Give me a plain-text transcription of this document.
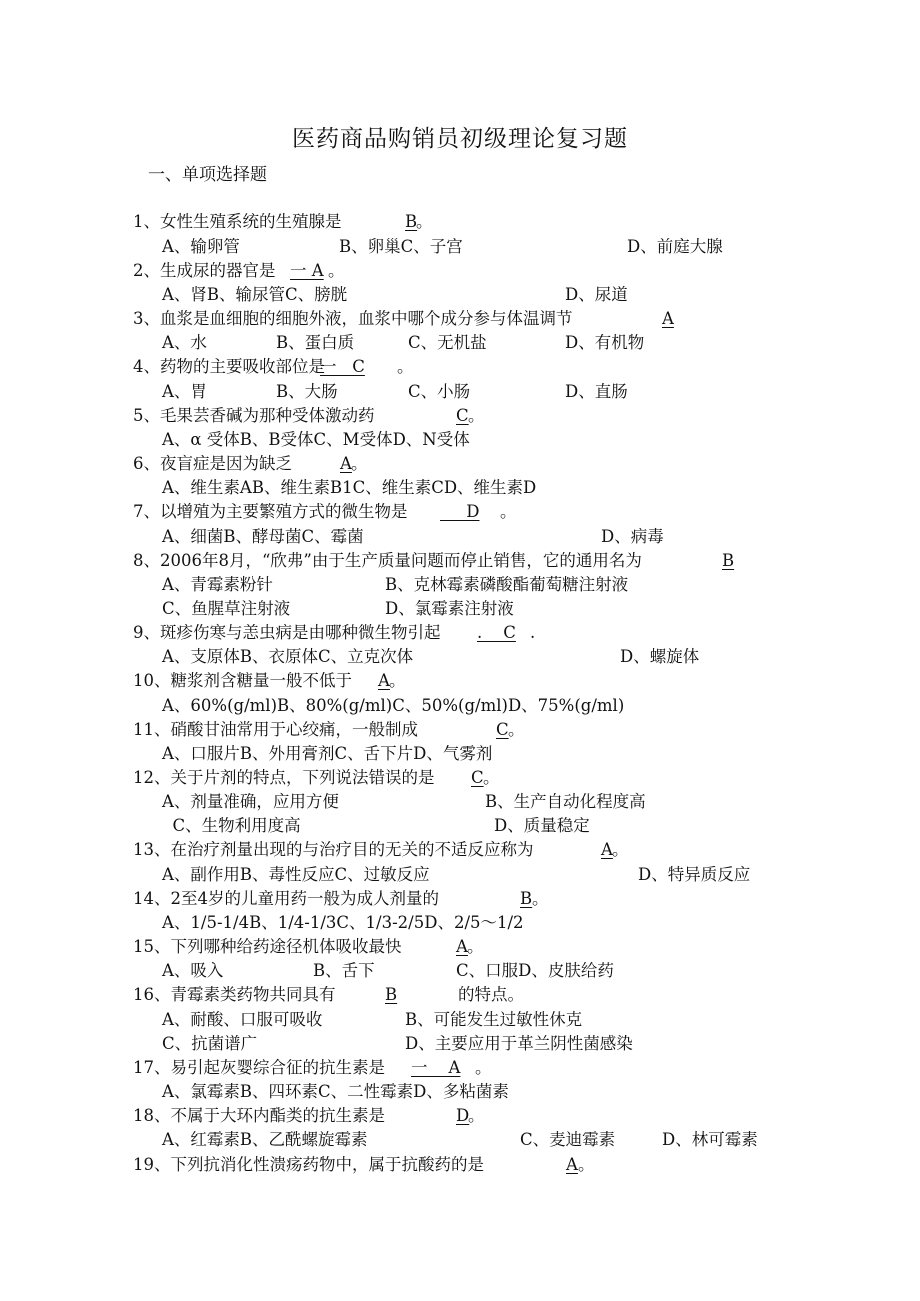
医药商品购销员初级理论复习题
一、单项选择题
1、女性生殖系统的生殖腺是	B
。
A、输卵管	B、卵巢C、子宫	D、前庭大腺
2、生成尿的器官是 一 A 。
A、肾B、输尿管C、膀胱	D、尿道
3、血浆是血细胞的细胞外液，血浆中哪个成分参与体温调节	A
A、水	B、蛋白质	C、无机盐	D、有机物
4、药物的主要吸收部位是
一   C 。
A、胃	B、大肠	C、小肠	D、直肠
5、毛果芸香碱为那种受体激动药	C 。
A、α 受体B、B受体C、M受体D、N受体
6、夜盲症是因为缺乏	A 。
A、维生素AB、维生素B1C、维生素CD、维生素D
7、以增殖为主要繁殖方式的微生物是 D 。
A、细菌B、酵母菌C、霉菌	D、病毒
8、2006年8月，“欣弗”由于生产质量问题而停止销售，它的通用名为	B
A、青霉素粉针	B、克林霉素磷酸酯葡萄糖注射液
C、鱼腥草注射液	D、氯霉素注射液
9、斑疹伤寒与恙虫病是由哪种微生物引起 .    C .
A、支原体B、衣原体C、立克次体	D、螺旋体
10、糖浆剂含糖量一般不低于 A 。
A、60%(g/ml)B、80%(g/ml)C、50%(g/ml)D、75%(g/ml)
11、硝酸甘油常用于心绞痛，一般制成	C 。
A、口服片B、外用膏剂C、舌下片D、气雾剂
12、关于片剂的特点，下列说法错误的是 C 。
A、剂量准确，应用方便	B、生产自动化程度高
C、生物利用度高	D、质量稳定
13、在治疗剂量出现的与治疗目的无关的不适反应称为	A 。
A、副作用B、毒性反应C、过敏反应	D、特异质反应
14、2至4岁的儿童用药一般为成人剂量的	B 。
A、1/5-1/4B、1/4-1/3C、1/3-2/5D、2/5～1/2
15、下列哪种给药途径机体吸收最快	A 。
A、吸入	B、舌下	C、口服D、皮肤给药
16、青霉素类药物共同具有	B	的特点。
A、耐酸、口服可吸收	B、可能发生过敏性休克
C、抗菌谱广	D、主要应用于革兰阴性菌感染
17、易引起灰婴综合征的抗生素是 一    A 。
A、氯霉素B、四环素C、二性霉素D、多粘菌素
18、不属于大环内酯类的抗生素是	D
。
A、红霉素B、乙酰螺旋霉素	C、麦迪霉素	D、林可霉素
19、下列抗消化性溃疡药物中，属于抗酸药的是	A 。
